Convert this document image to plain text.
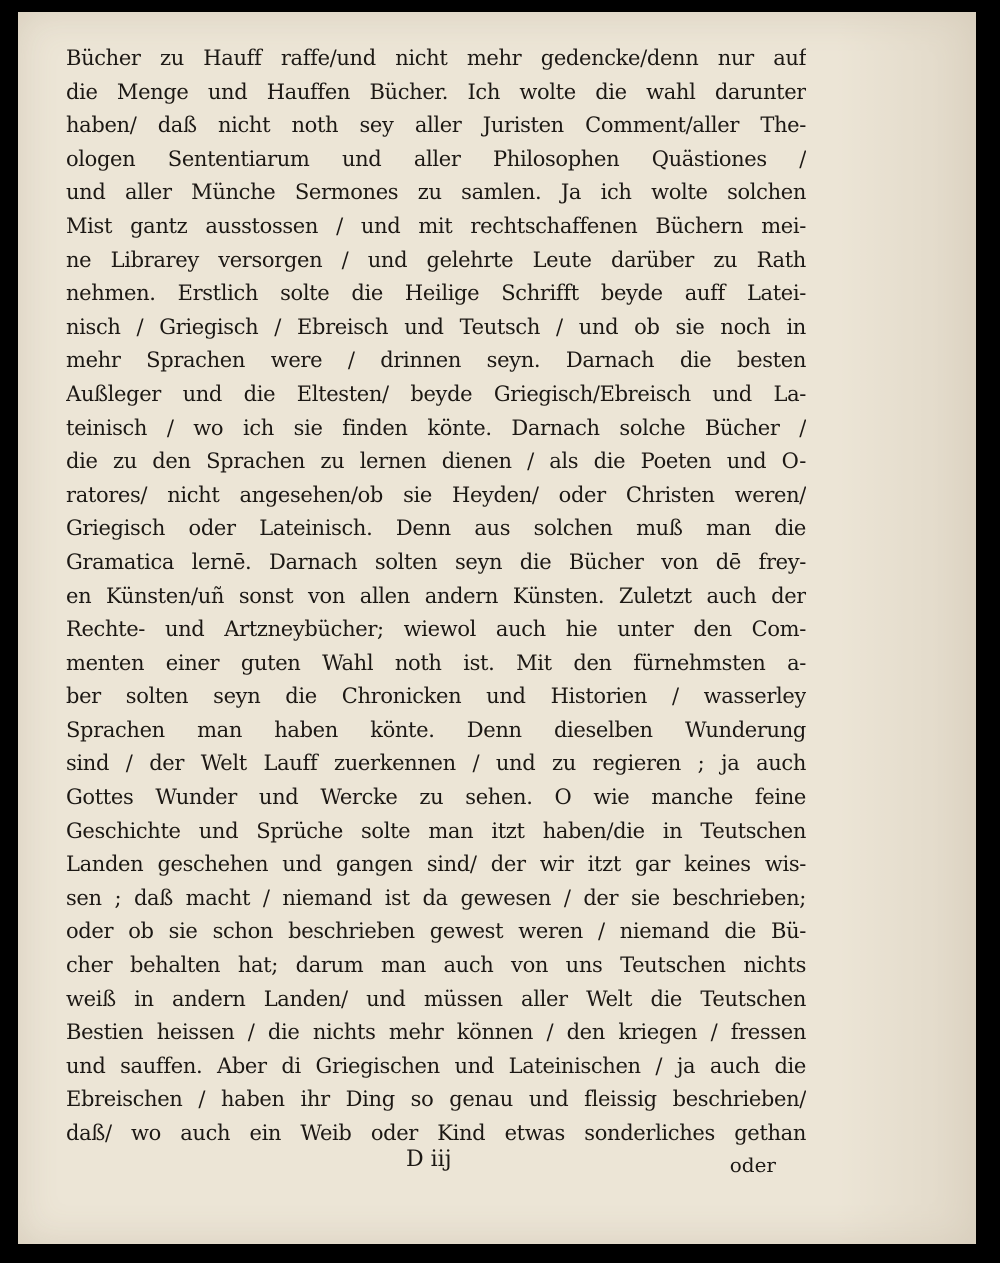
Bücher zu Hauff raffe/und nicht mehr gedencke/denn nur auf
die Menge und Hauffen Bücher. Ich wolte die wahl darunter
haben/ daß nicht noth sey aller Juristen Comment/aller The-
ologen Sententiarum und aller Philosophen Quästiones /
und aller Münche Sermones zu samlen. Ja ich wolte solchen
Mist gantz ausstossen / und mit rechtschaffenen Büchern mei-
ne Librarey versorgen / und gelehrte Leute darüber zu Rath
nehmen. Erstlich solte die Heilige Schrifft beyde auff Latei-
nisch / Griegisch / Ebreisch und Teutsch / und ob sie noch in
mehr Sprachen were / drinnen seyn. Darnach die besten
Außleger und die Eltesten/ beyde Griegisch/Ebreisch und La-
teinisch / wo ich sie finden könte. Darnach solche Bücher /
die zu den Sprachen zu lernen dienen / als die Poeten und O-
ratores/ nicht angesehen/ob sie Heyden/ oder Christen weren/
Griegisch oder Lateinisch. Denn aus solchen muß man die
Gramatica lernē. Darnach solten seyn die Bücher von dē frey-
en Künsten/uñ sonst von allen andern Künsten. Zuletzt auch der
Rechte- und Artzneybücher; wiewol auch hie unter den Com-
menten einer guten Wahl noth ist. Mit den fürnehmsten a-
ber solten seyn die Chronicken und Historien / wasserley
Sprachen man haben könte. Denn dieselben Wunderung
sind / der Welt Lauff zuerkennen / und zu regieren ; ja auch
Gottes Wunder und Wercke zu sehen. O wie manche feine
Geschichte und Sprüche solte man itzt haben/die in Teutschen
Landen geschehen und gangen sind/ der wir itzt gar keines wis-
sen ; daß macht / niemand ist da gewesen / der sie beschrieben;
oder ob sie schon beschrieben gewest weren / niemand die Bü-
cher behalten hat; darum man auch von uns Teutschen nichts
weiß in andern Landen/ und müssen aller Welt die Teutschen
Bestien heissen / die nichts mehr können / den kriegen / fressen
und sauffen. Aber di Griegischen und Lateinischen / ja auch die
Ebreischen / haben ihr Ding so genau und fleissig beschrieben/
daß/ wo auch ein Weib oder Kind etwas sonderliches gethan
D iij	oder
